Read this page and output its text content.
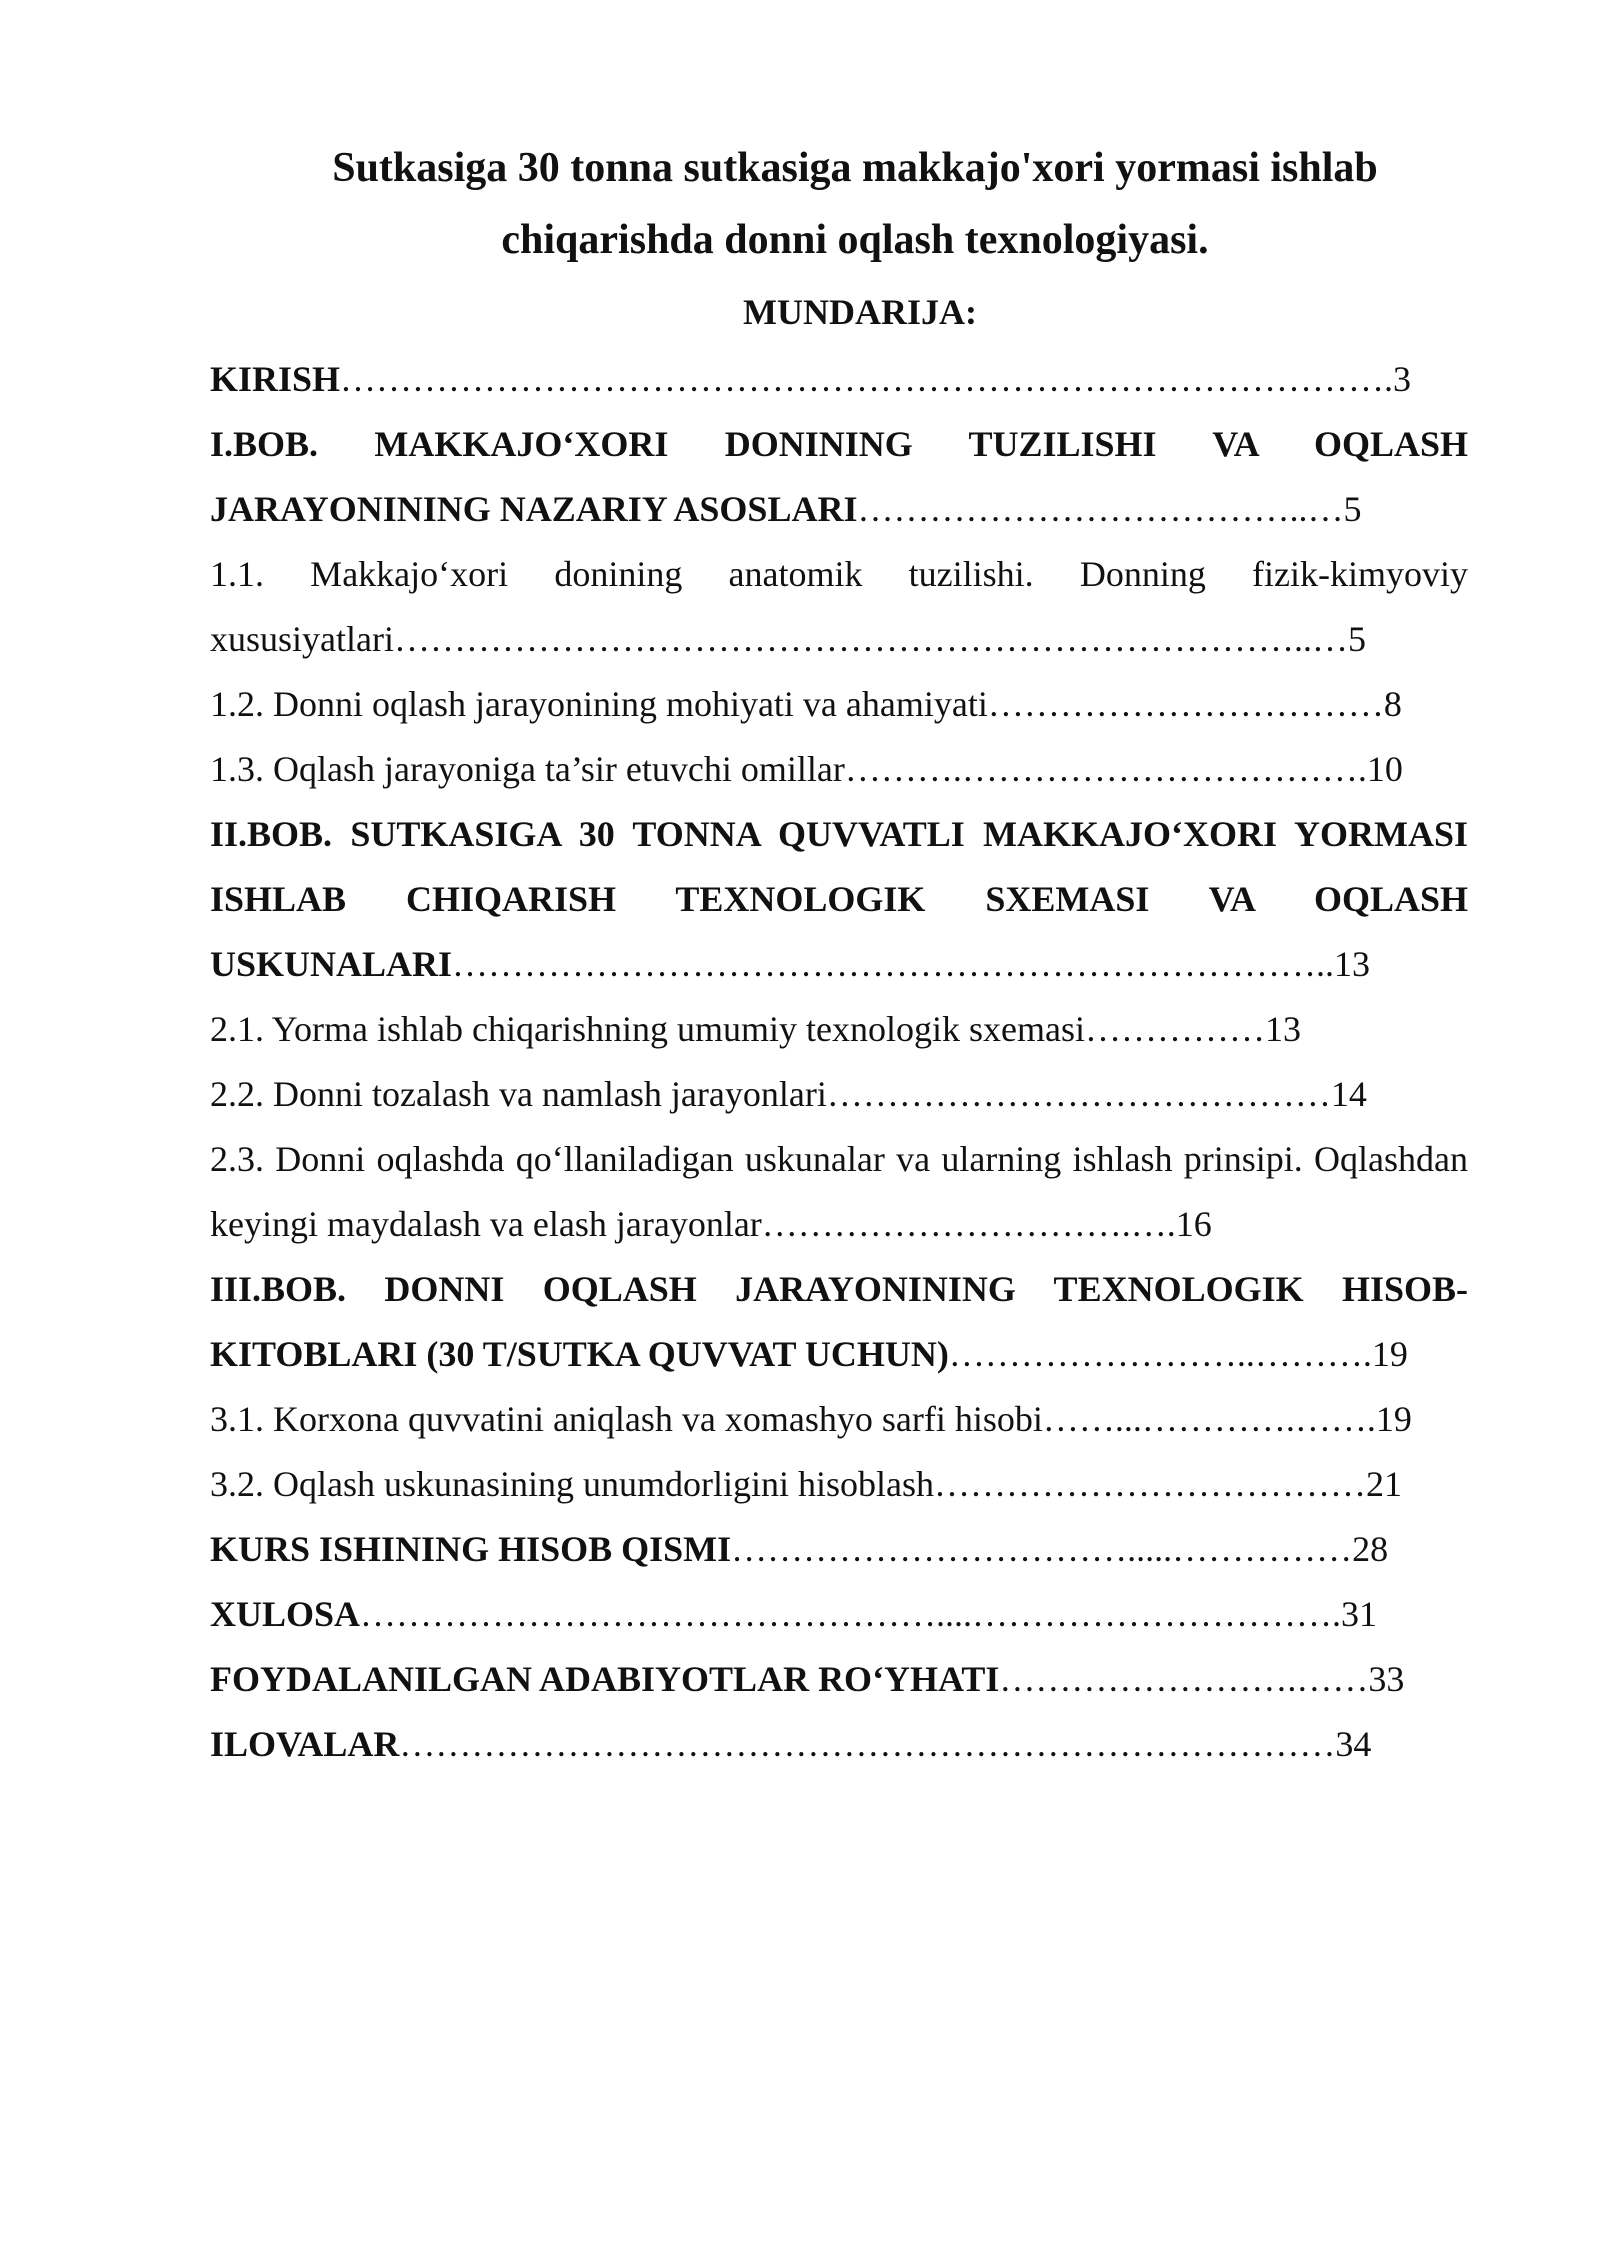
Sutkasiga 30 tonna sutkasiga makkajo'xori yormasi ishlab chiqarishda donni oqlash texnologiyasi.
MUNDARIJA:

KIRISH…………………………………………………………………………….3

I.BOB. MAKKAJO‘XORI DONINING TUZILISHI VA OQLASH JARAYONINING NAZARIY ASOSLARI………………………………..…5

1.1. Makkajo‘xori donining anatomik tuzilishi. Donning fizik-kimyoviy xususiyatlari…………………………………………………………………..…5

1.2. Donni oqlash jarayonining mohiyati va ahamiyati……………………………8

1.3. Oqlash jarayoniga ta’sir etuvchi omillar……….…………………………….10

II.BOB. SUTKASIGA 30 TONNA QUVVATLI MAKKAJO‘XORI YORMASI ISHLAB CHIQARISH TEXNOLOGIK SXEMASI VA OQLASH USKUNALARI………………………………………………………………..13

2.1. Yorma ishlab chiqarishning umumiy texnologik sxemasi……………13

2.2. Donni tozalash va namlash jarayonlari……………………………………14

2.3. Donni oqlashda qo‘llaniladigan uskunalar va ularning ishlash prinsipi. Oqlashdan keyingi maydalash va elash jarayonlar………………………….….16

III.BOB. DONNI OQLASH JARAYONINING TEXNOLOGIK HISOB-KITOBLARI (30 T/SUTKA QUVVAT UCHUN)……………………..……….19

3.1. Korxona quvvatini aniqlash va xomashyo sarfi hisobi……...………….…….19

3.2. Oqlash uskunasining unumdorligini hisoblash………………………………21

KURS ISHINING HISOB QISMI…………………………….....……………28

XULOSA…………………………………………....………………………….31

FOYDALANILGAN ADABIYOTLAR RO‘YHATI…………………….……33

ILOVALAR……………………………………………………………………34
